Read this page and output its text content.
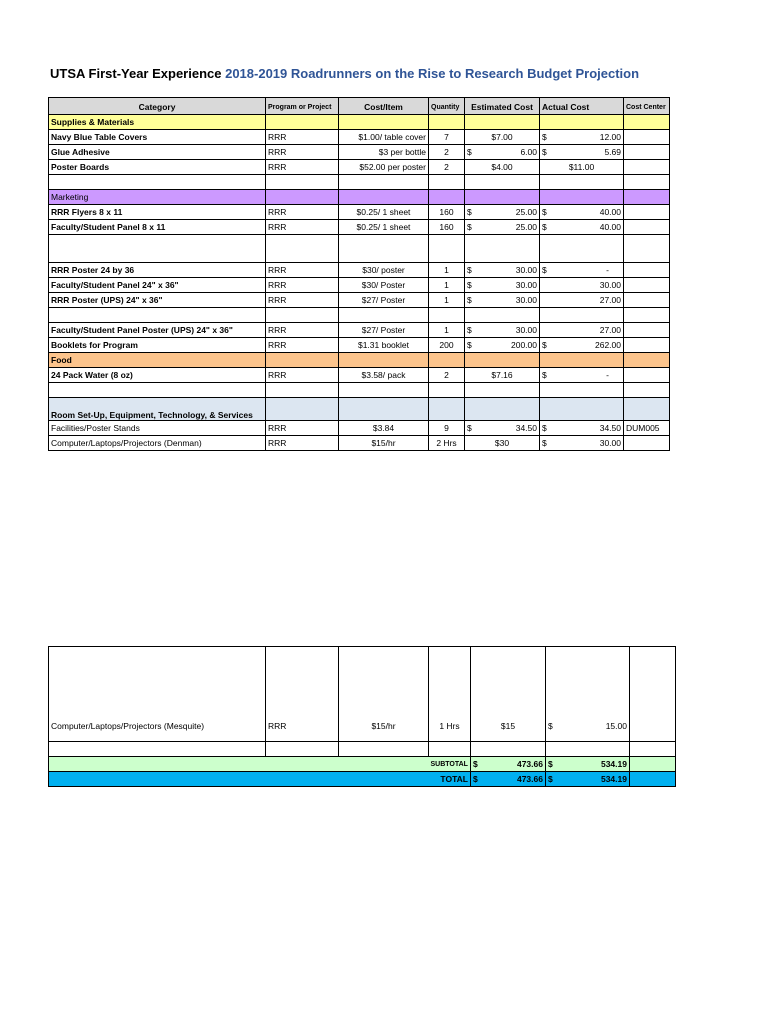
UTSA First-Year Experience 2018-2019 Roadrunners on the Rise to Research Budget Projection
Category	Program or Project	Cost/Item	Quantity	Estimated Cost	Actual Cost	Cost Center
Supplies & Materials						
Navy Blue Table Covers	RRR	$1.00/ table cover	7	$7.00	$ 12.00	

Glue Adhesive	RRR	$3 per bottle	2	$ 6.00	$ 5.69	

Poster Boards	RRR	$52.00 per poster	2	$4.00	$11.00	

Marketing						
RRR Flyers 8 x 11	RRR	$0.25/ 1 sheet	160	$ 25.00	$ 40.00	

Faculty/Student Panel 8 x 11	RRR	$0.25/ 1 sheet	160	$ 25.00	$ 40.00	

RRR Poster 24 by 36	RRR	$30/ poster	1	$ 30.00	$ -	

Faculty/Student Panel 24" x 36"	RRR	$30/ Poster	1	$ 30.00	30.00	
RRR Poster (UPS) 24" x 36"	RRR	$27/ Poster	1	$ 30.00	27.00	

Faculty/Student Panel Poster (UPS) 24" x 36"	RRR	$27/ Poster	1	$ 30.00	27.00	
Booklets for Program	RRR	$1.31 booklet	200	$ 200.00	$ 262.00	

Food						
24 Pack Water (8 oz)	RRR	$3.58/ pack	2	$7.16	$ -	

Room Set-Up, Equipment, Technology, & Services						
Facilities/Poster Stands	RRR	$3.84	9	$ 34.50	$ 34.50	DUM005
Computer/Laptops/Projectors (Denman)	RRR	$15/hr	2 Hrs	$30	$ 30.00	

Computer/Laptops/Projectors (Mesquite)	RRR	$15/hr	1 Hrs	$15	$ 15.00	

			SUBTOTAL	$ 473.66	$ 534.19	

			TOTAL	$ 473.66	$ 534.19	
